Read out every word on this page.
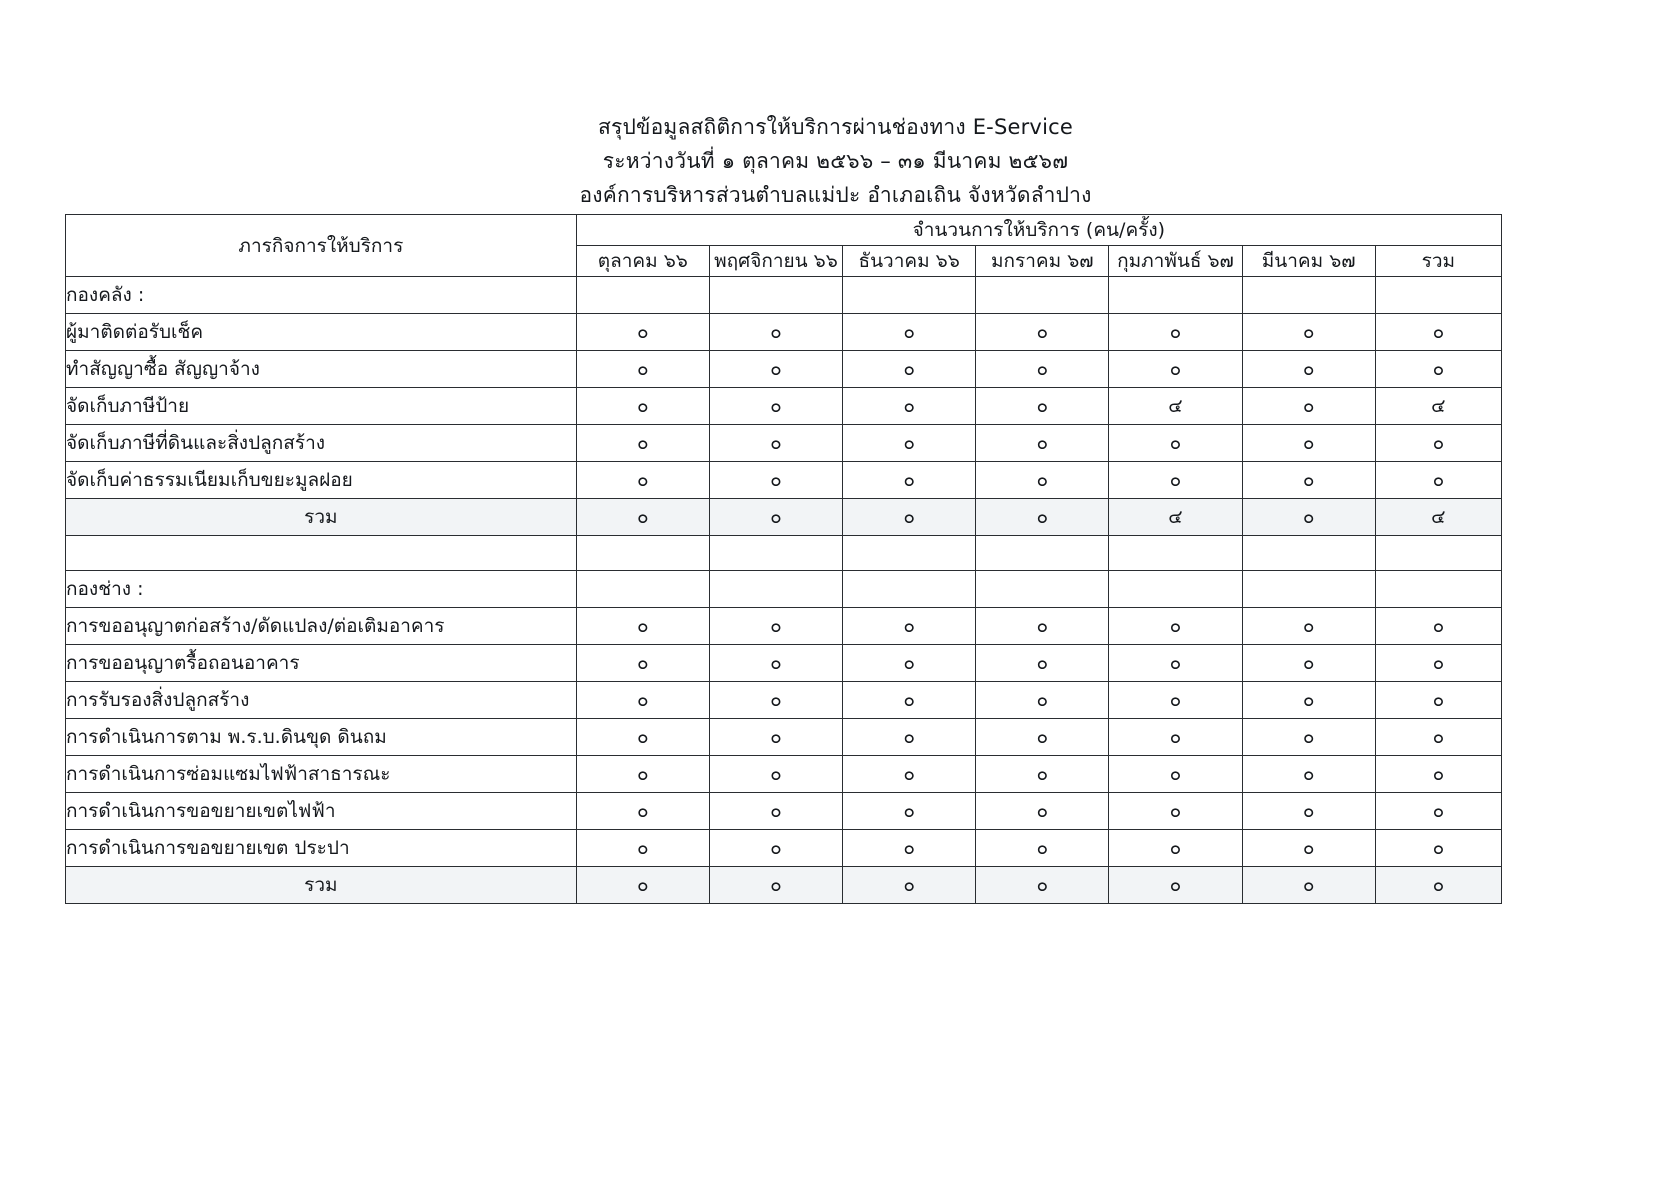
สรุปข้อมูลสถิติการให้บริการผ่านช่องทาง E-Service
ระหว่างวันที่ ๑ ตุลาคม ๒๕๖๖ – ๓๑ มีนาคม ๒๕๖๗
องค์การบริหารส่วนตำบลแม่ปะ อำเภอเถิน จังหวัดลำปาง
ภารกิจการให้บริการ	จำนวนการให้บริการ (คน/ครั้ง)						
	ตุลาคม ๖๖	พฤศจิกายน ๖๖	ธันวาคม ๖๖	มกราคม ๖๗	กุมภาพันธ์ ๖๗	มีนาคม ๖๗	รวม
กองคลัง :							
ผู้มาติดต่อรับเช็ค	๐	๐	๐	๐	๐	๐	๐
ทำสัญญาซื้อ สัญญาจ้าง	๐	๐	๐	๐	๐	๐	๐
จัดเก็บภาษีป้าย	๐	๐	๐	๐	๔	๐	๔
จัดเก็บภาษีที่ดินและสิ่งปลูกสร้าง	๐	๐	๐	๐	๐	๐	๐
จัดเก็บค่าธรรมเนียมเก็บขยะมูลฝอย	๐	๐	๐	๐	๐	๐	๐
รวม	๐	๐	๐	๐	๔	๐	๔

กองช่าง :							
การขออนุญาตก่อสร้าง/ดัดแปลง/ต่อเติมอาคาร	๐	๐	๐	๐	๐	๐	๐
การขออนุญาตรื้อถอนอาคาร	๐	๐	๐	๐	๐	๐	๐
การรับรองสิ่งปลูกสร้าง	๐	๐	๐	๐	๐	๐	๐
การดำเนินการตาม พ.ร.บ.ดินขุด ดินถม	๐	๐	๐	๐	๐	๐	๐
การดำเนินการซ่อมแซมไฟฟ้าสาธารณะ	๐	๐	๐	๐	๐	๐	๐
การดำเนินการขอขยายเขตไฟฟ้า	๐	๐	๐	๐	๐	๐	๐
การดำเนินการขอขยายเขต ประปา	๐	๐	๐	๐	๐	๐	๐
รวม	๐	๐	๐	๐	๐	๐	๐
